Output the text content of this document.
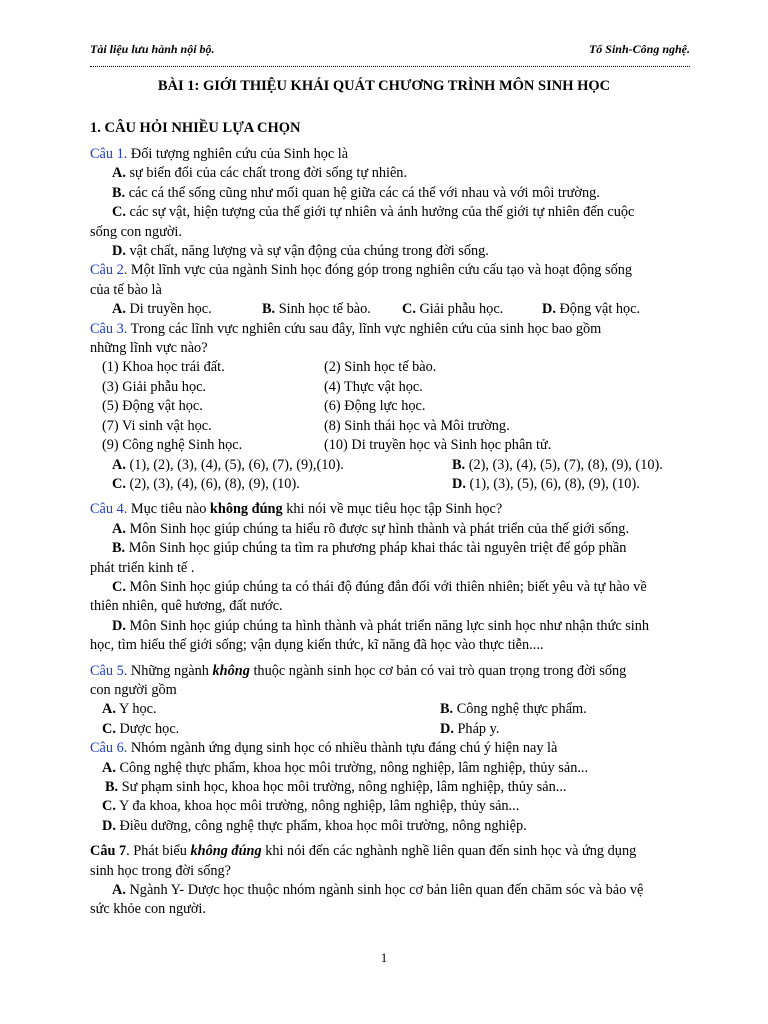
Tài liệu lưu hành nội bộ.	Tổ Sinh-Công nghệ.
BÀI 1: GIỚI THIỆU KHÁI QUÁT CHƯƠNG TRÌNH MÔN SINH HỌC
1. CÂU HỎI NHIỀU LỰA CHỌN
Câu 1. Đối tượng nghiên cứu của Sinh học là
A. sự biến đổi của các chất trong đời sống tự nhiên.
B. các cá thể sống cũng như mối quan hệ giữa các cá thể với nhau và với môi trường.
C. các sự vật, hiện tượng của thế giới tự nhiên và ảnh hưởng của thế giới tự nhiên đến cuộc
sống con người.
D. vật chất, năng lượng và sự vận động của chúng trong đời sống.
Câu 2. Một lĩnh vực của ngành Sinh học đóng góp trong nghiên cứu cấu tạo và hoạt động sống
của tế bào là
A. Di truyền học.	B. Sinh học tế bào.	C. Giải phẫu học.	D. Động vật học.
Câu 3. Trong các lĩnh vực nghiên cứu sau đây, lĩnh vực nghiên cứu của sinh học bao gồm
những lĩnh vực nào?
(1) Khoa học trái đất.	(2) Sinh học tế bào.
(3) Giải phẫu học.	(4) Thực vật học.
(5) Động vật học.	(6) Động lực học.
(7) Vi sinh vật học.	(8) Sinh thái học và Môi trường.
(9) Công nghệ Sinh học.	(10) Di truyền học và Sinh học phân tử.
A. (1), (2), (3), (4), (5), (6), (7), (9),(10).	B. (2), (3), (4), (5), (7), (8), (9), (10).
C. (2), (3), (4), (6), (8), (9), (10).	D. (1), (3), (5), (6), (8), (9), (10).
Câu 4. Mục tiêu nào không đúng khi nói về mục tiêu học tập Sinh học?
A. Môn Sinh học giúp chúng ta hiểu rõ được sự hình thành và phát triển của thế giới sống.
B. Môn Sinh học giúp chúng ta tìm ra phương pháp khai thác tài nguyên triệt để góp phần
phát triển kinh tế .
C. Môn Sinh học giúp chúng ta có thái độ đúng đắn đối với thiên nhiên; biết yêu và tự hào về
thiên nhiên, quê hương, đất nước.
D. Môn Sinh học giúp chúng ta hình thành và phát triển năng lực sinh học như nhận thức sinh
học, tìm hiểu thế giới sống; vận dụng kiến thức, kĩ năng đã học vào thực tiễn....
Câu 5. Những ngành không thuộc ngành sinh học cơ bản có vai trò quan trọng trong đời sống
con người gồm
A. Y học.	B. Công nghệ thực phẩm.
C. Dược học.	D. Pháp y.
Câu 6. Nhóm ngành ứng dụng sinh học có nhiều thành tựu đáng chú ý hiện nay là
A. Công nghệ thực phẩm, khoa học môi trường, nông nghiệp, lâm nghiệp, thủy sản...
B. Sư phạm sinh học, khoa học môi trường, nông nghiệp, lâm nghiệp, thủy sản...
C. Y đa khoa, khoa học môi trường, nông nghiệp, lâm nghiệp, thủy sản...
D. Điều dưỡng, công nghệ thực phẩm, khoa học môi trường, nông nghiệp.
Câu 7. Phát biểu không đúng khi nói đến các nghành nghề liên quan đến sinh học và ứng dụng
sinh học trong đời sống?
A. Ngành Y- Dược học thuộc nhóm ngành sinh học cơ bản liên quan đến chăm sóc và bảo vệ
sức khỏe con người.
1
